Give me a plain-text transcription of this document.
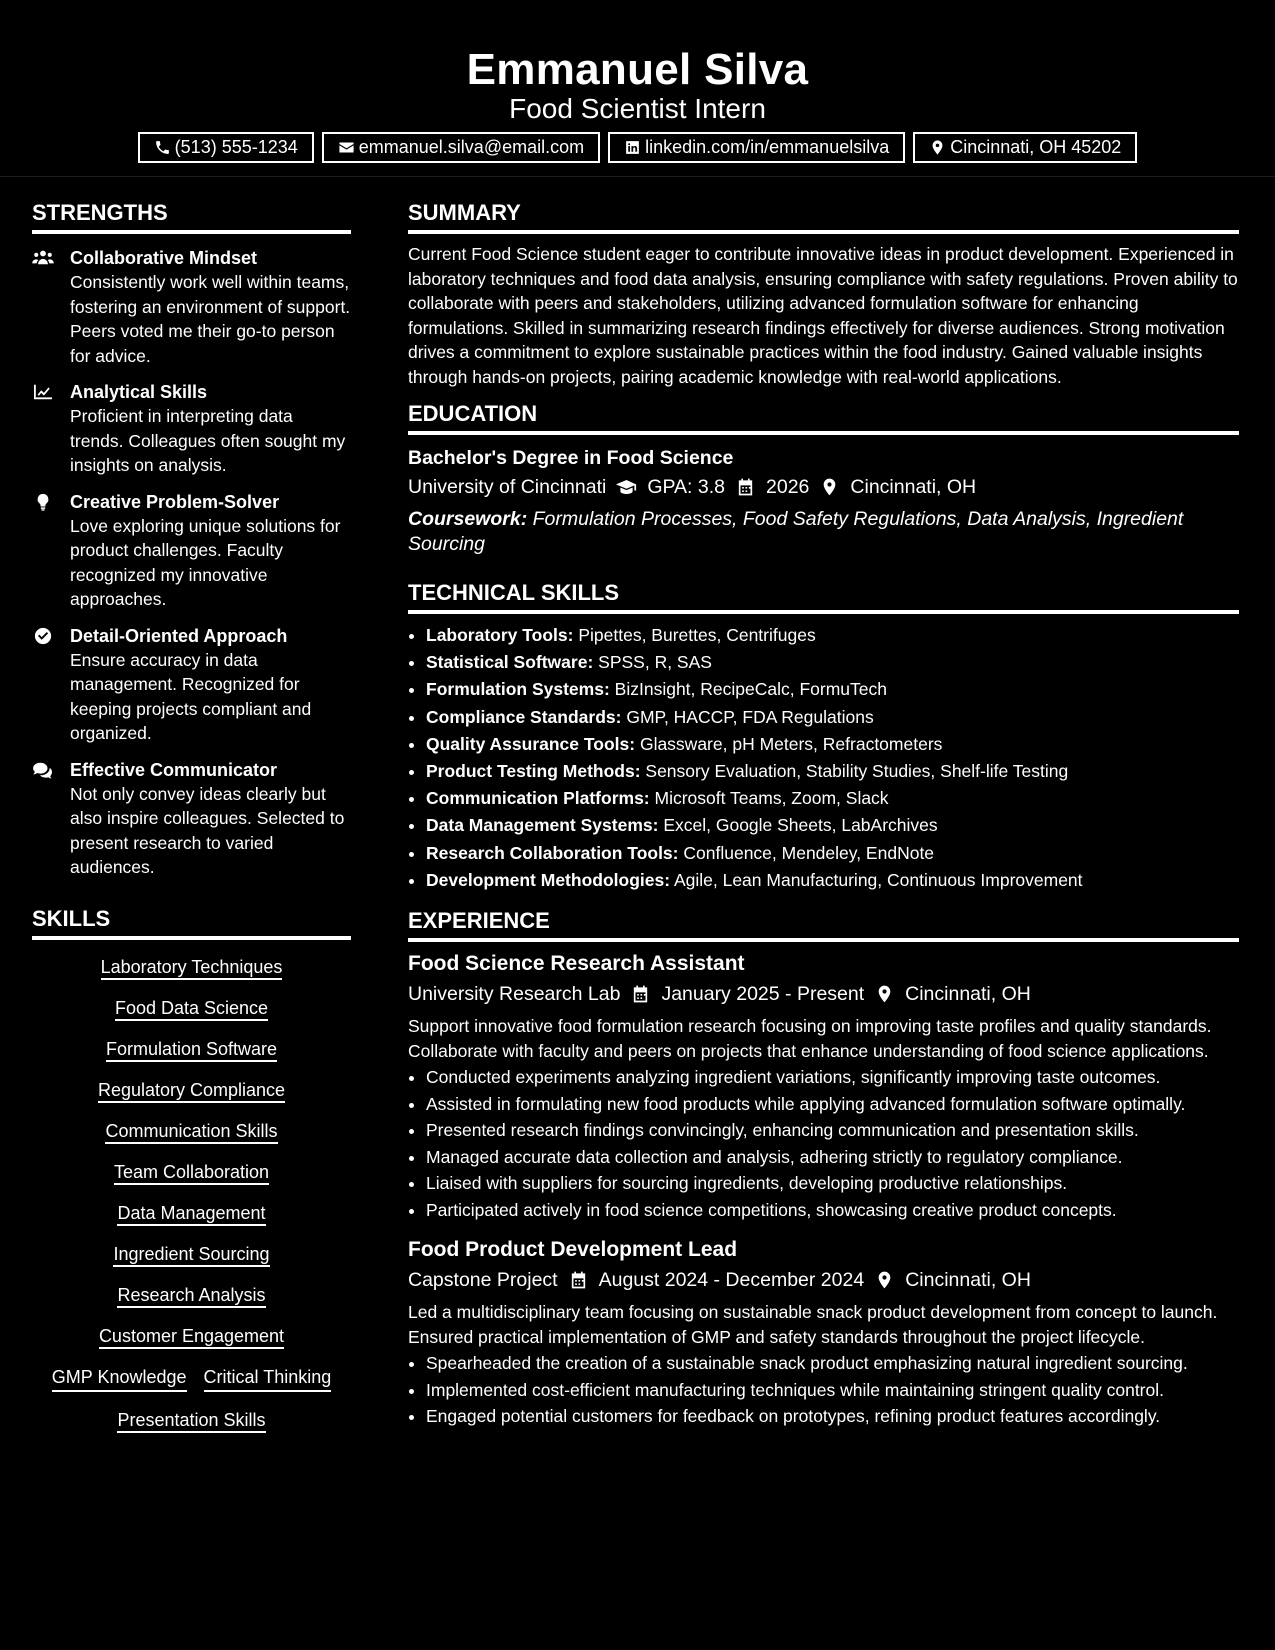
Emmanuel Silva
Food Scientist Intern
(513) 555-1234	emmanuel.silva@email.com	linkedin.com/in/emmanuelsilva	Cincinnati, OH 45202
STRENGTHS
Collaborative Mindset
Consistently work well within teams, fostering an environment of support. Peers voted me their go-to person for advice.
Analytical Skills
Proficient in interpreting data trends. Colleagues often sought my insights on analysis.
Creative Problem-Solver
Love exploring unique solutions for product challenges. Faculty recognized my innovative approaches.
Detail-Oriented Approach
Ensure accuracy in data management. Recognized for keeping projects compliant and organized.
Effective Communicator
Not only convey ideas clearly but also inspire colleagues. Selected to present research to varied audiences.
SKILLS
Laboratory Techniques
Food Data Science
Formulation Software
Regulatory Compliance
Communication Skills
Team Collaboration
Data Management
Ingredient Sourcing
Research Analysis
Customer Engagement
GMP Knowledge Critical Thinking
Presentation Skills
SUMMARY
Current Food Science student eager to contribute innovative ideas in product development. Experienced in laboratory techniques and food data analysis, ensuring compliance with safety regulations. Proven ability to collaborate with peers and stakeholders, utilizing advanced formulation software for enhancing formulations. Skilled in summarizing research findings effectively for diverse audiences. Strong motivation drives a commitment to explore sustainable practices within the food industry. Gained valuable insights through hands-on projects, pairing academic knowledge with real-world applications.
EDUCATION
Bachelor's Degree in Food Science
University of Cincinnati GPA: 3.8 2026 Cincinnati, OH
Coursework: Formulation Processes, Food Safety Regulations, Data Analysis, Ingredient Sourcing
TECHNICAL SKILLS
• Laboratory Tools: Pipettes, Burettes, Centrifuges
• Statistical Software: SPSS, R, SAS
• Formulation Systems: BizInsight, RecipeCalc, FormuTech
• Compliance Standards: GMP, HACCP, FDA Regulations
• Quality Assurance Tools: Glassware, pH Meters, Refractometers
• Product Testing Methods: Sensory Evaluation, Stability Studies, Shelf-life Testing
• Communication Platforms: Microsoft Teams, Zoom, Slack
• Data Management Systems: Excel, Google Sheets, LabArchives
• Research Collaboration Tools: Confluence, Mendeley, EndNote
• Development Methodologies: Agile, Lean Manufacturing, Continuous Improvement
EXPERIENCE
Food Science Research Assistant
University Research Lab January 2025 - Present Cincinnati, OH
Support innovative food formulation research focusing on improving taste profiles and quality standards. Collaborate with faculty and peers on projects that enhance understanding of food science applications.
• Conducted experiments analyzing ingredient variations, significantly improving taste outcomes.
• Assisted in formulating new food products while applying advanced formulation software optimally.
• Presented research findings convincingly, enhancing communication and presentation skills.
• Managed accurate data collection and analysis, adhering strictly to regulatory compliance.
• Liaised with suppliers for sourcing ingredients, developing productive relationships.
• Participated actively in food science competitions, showcasing creative product concepts.
Food Product Development Lead
Capstone Project August 2024 - December 2024 Cincinnati, OH
Led a multidisciplinary team focusing on sustainable snack product development from concept to launch. Ensured practical implementation of GMP and safety standards throughout the project lifecycle.
• Spearheaded the creation of a sustainable snack product emphasizing natural ingredient sourcing.
• Implemented cost-efficient manufacturing techniques while maintaining stringent quality control.
• Engaged potential customers for feedback on prototypes, refining product features accordingly.
